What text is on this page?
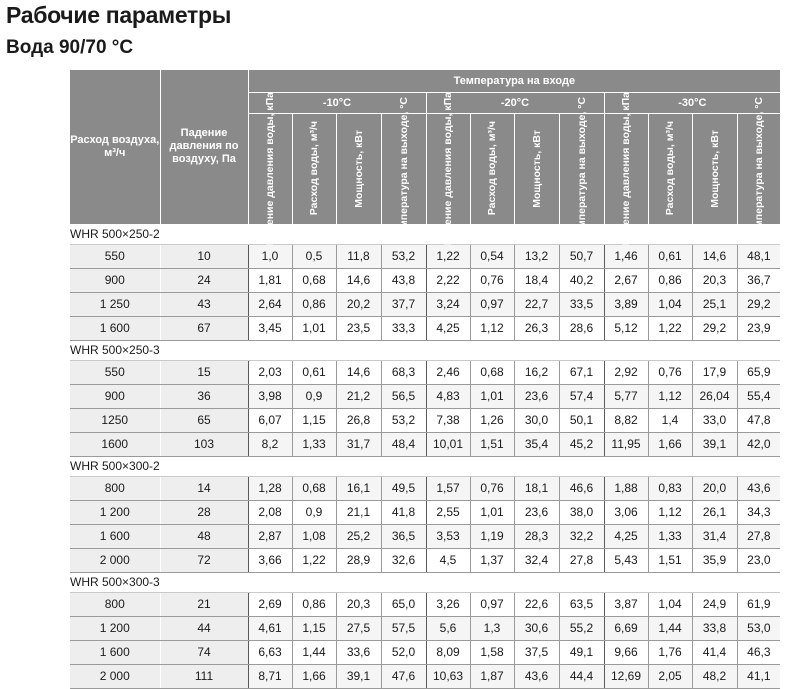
Рабочие параметры
Вода 90/70 °C
Расход воздуха, м³/ч	Падение давления по воздуху, Па	Температура на входе											
		-10°C				-20°C				-30°C			

		Падение давления воды, кПа	Расход воды, м³/ч	Мощность, кВт	Температура на выходе, °C	Падение давления воды, кПа	Расход воды, м³/ч	Мощность, кВт	Температура на выходе, °C	Падение давления воды, кПа	Расход воды, м³/ч	Мощность, кВт	Температура на выходе, °C

WHR 500×250-2													
550	10	1,0	0,5	11,8	53,2	1,22	0,54	13,2	50,7	1,46	0,61	14,6	48,1
900	24	1,81	0,68	14,6	43,8	2,22	0,76	18,4	40,2	2,67	0,86	20,3	36,7
1 250	43	2,64	0,86	20,2	37,7	3,24	0,97	22,7	33,5	3,89	1,04	25,1	29,2
1 600	67	3,45	1,01	23,5	33,3	4,25	1,12	26,3	28,6	5,12	1,22	29,2	23,9
WHR 500×250-3													
550	15	2,03	0,61	14,6	68,3	2,46	0,68	16,2	67,1	2,92	0,76	17,9	65,9
900	36	3,98	0,9	21,2	56,5	4,83	1,01	23,6	57,4	5,77	1,12	26,04	55,4
1250	65	6,07	1,15	26,8	53,2	7,38	1,26	30,0	50,1	8,82	1,4	33,0	47,8
1600	103	8,2	1,33	31,7	48,4	10,01	1,51	35,4	45,2	11,95	1,66	39,1	42,0
WHR 500×300-2													
800	14	1,28	0,68	16,1	49,5	1,57	0,76	18,1	46,6	1,88	0,83	20,0	43,6
1 200	28	2,08	0,9	21,1	41,8	2,55	1,01	23,6	38,0	3,06	1,12	26,1	34,3
1 600	48	2,87	1,08	25,2	36,5	3,53	1,19	28,3	32,2	4,25	1,33	31,4	27,8
2 000	72	3,66	1,22	28,9	32,6	4,5	1,37	32,4	27,8	5,43	1,51	35,9	23,0
WHR 500×300-3													
800	21	2,69	0,86	20,3	65,0	3,26	0,97	22,6	63,5	3,87	1,04	24,9	61,9
1 200	44	4,61	1,15	27,5	57,5	5,6	1,3	30,6	55,2	6,69	1,44	33,8	53,0
1 600	74	6,63	1,44	33,6	52,0	8,09	1,58	37,5	49,1	9,66	1,76	41,4	46,3
2 000	111	8,71	1,66	39,1	47,6	10,63	1,87	43,6	44,4	12,69	2,05	48,2	41,1
